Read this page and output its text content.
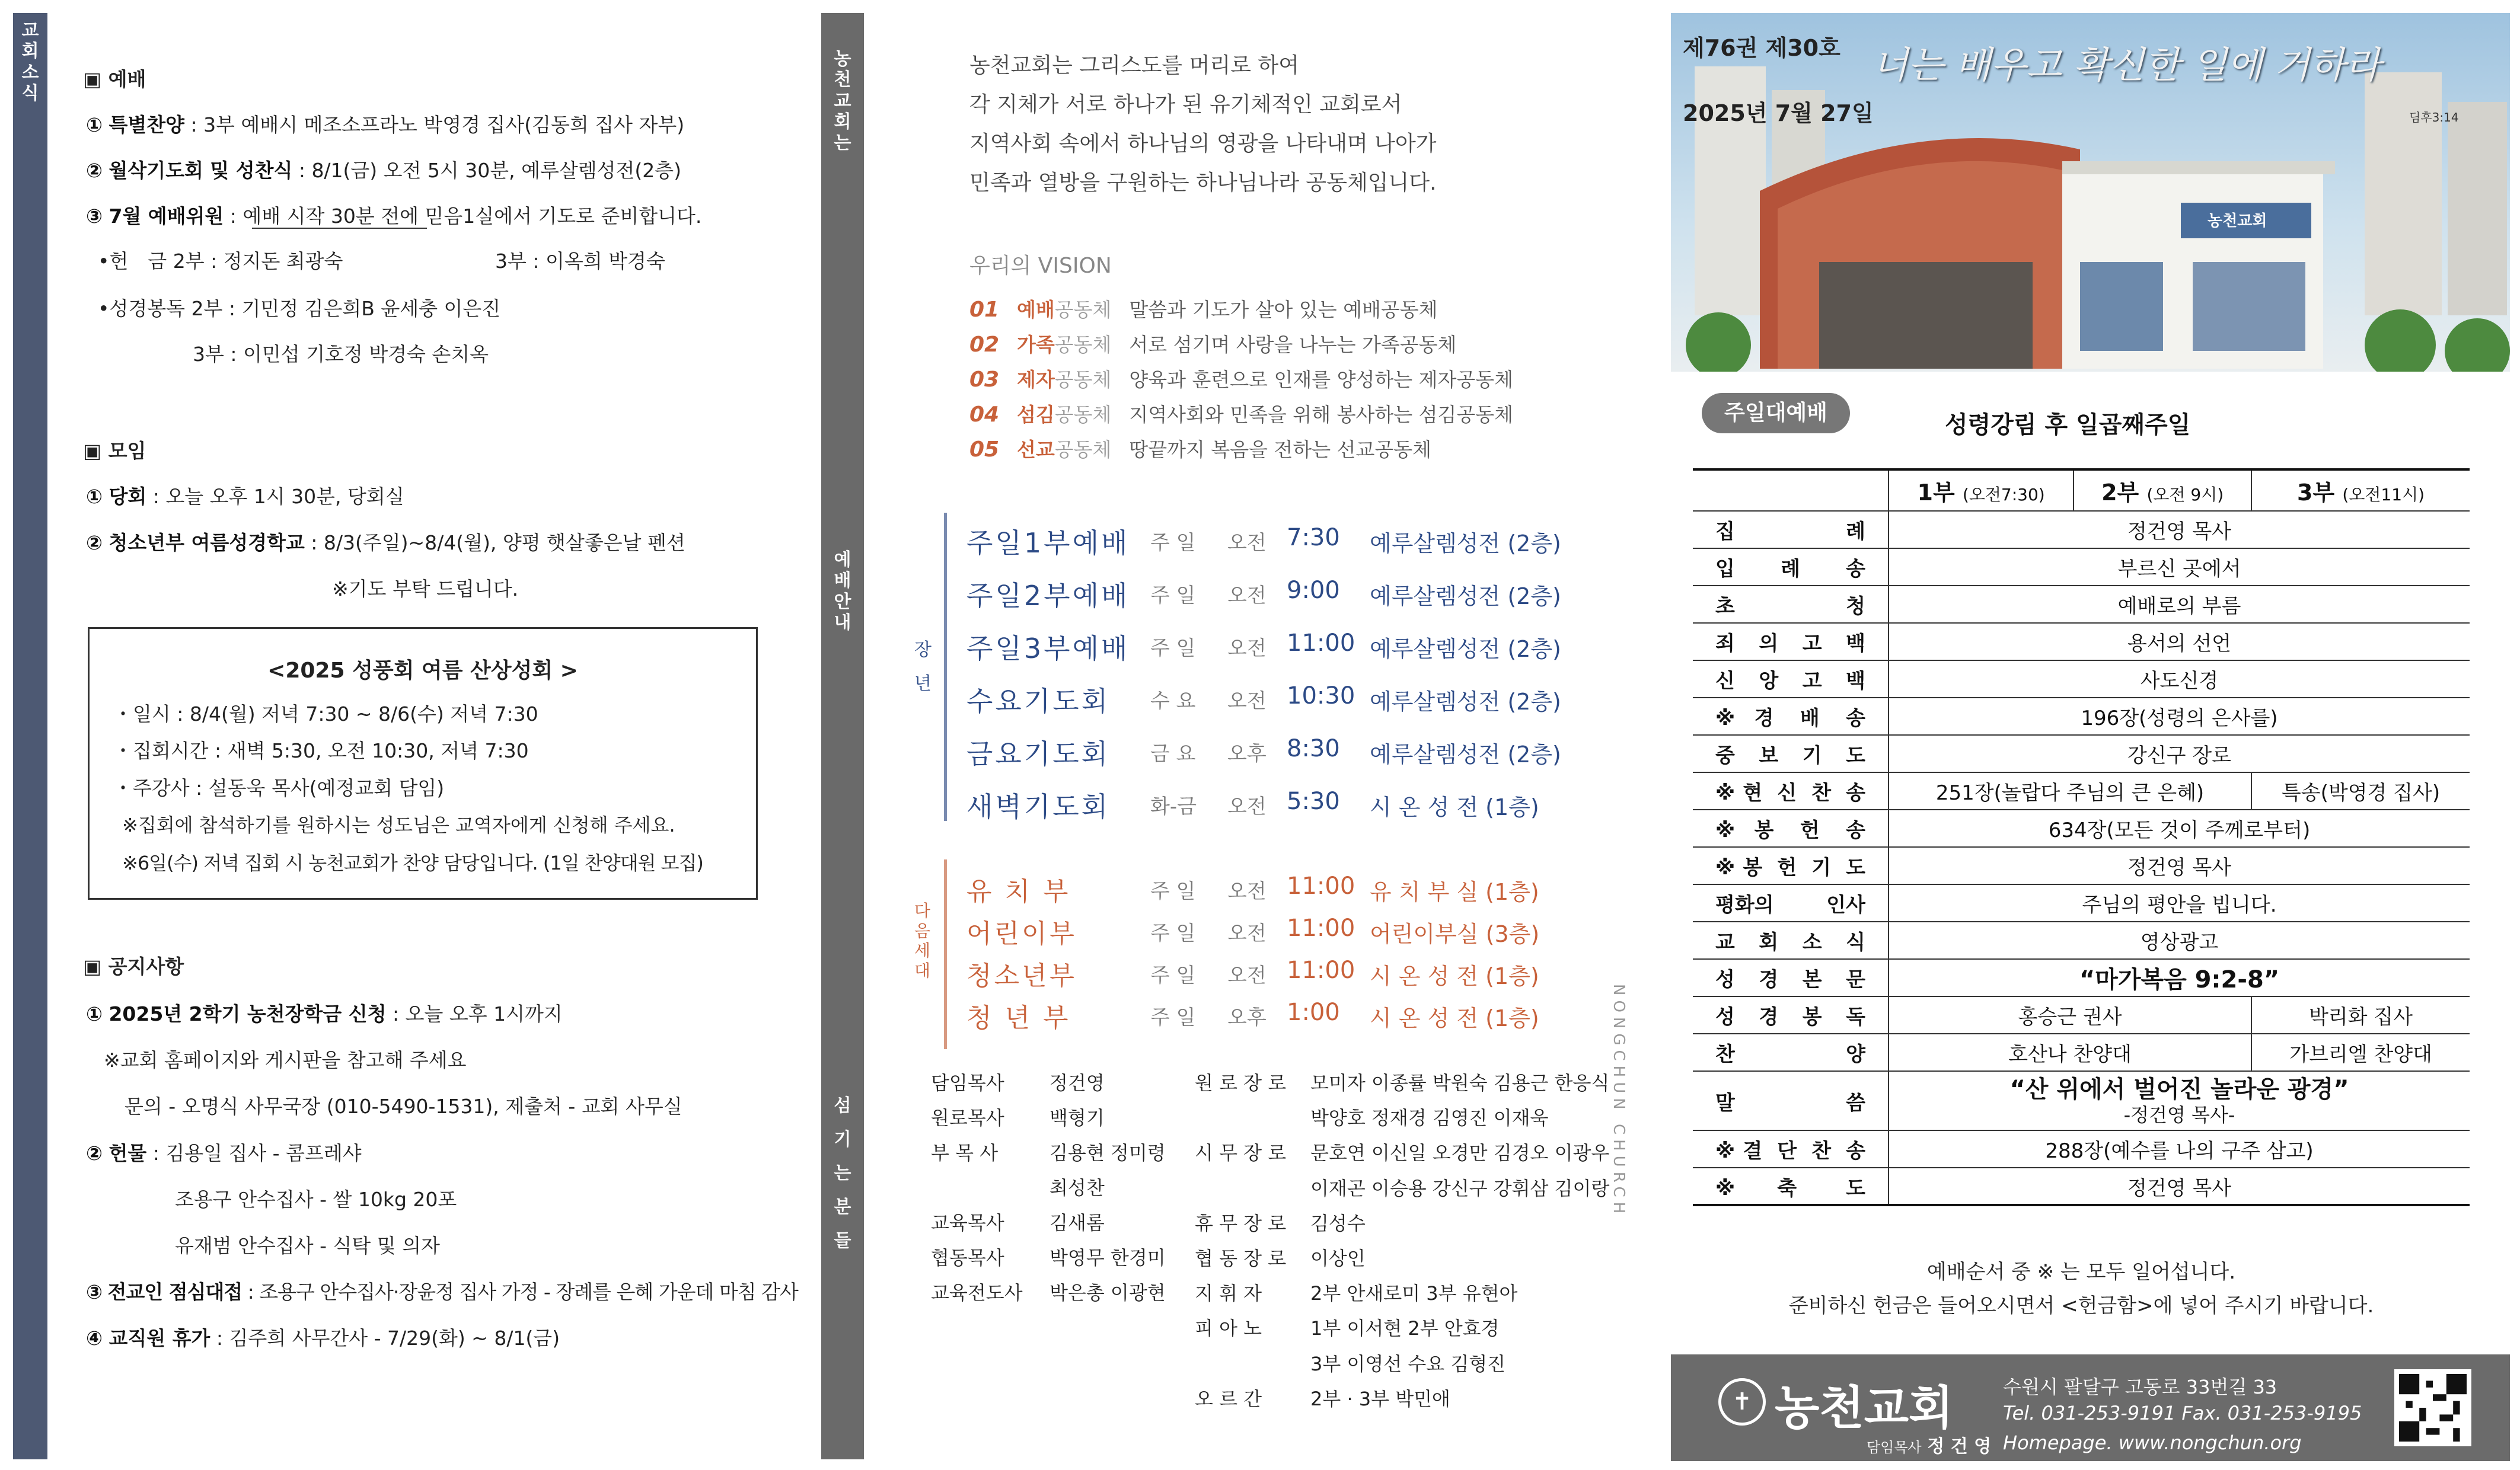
교
회
소
식
▣ 예배
① 특별찬양 : 3부 예배시 메조소프라노 박영경 집사(김동희 집사 자부)
② 월삭기도회 및 성찬식 : 8/1(금) 오전 5시 30분, 예루살렘성전(2층)
③ 7월 예배위원 : 예배 시작 30분 전에 믿음1실에서 기도로 준비합니다.
•헌　금 2부 : 정지돈 최광숙	3부 : 이옥희 박경숙
•성경봉독 2부 : 기민정 김은희B 윤세충 이은진
3부 : 이민섭 기호정 박경숙 손치옥
▣ 모임
① 당회 : 오늘 오후 1시 30분, 당회실
② 청소년부 여름성경학교 : 8/3(주일)~8/4(월), 양평 햇살좋은날 펜션
※기도 부탁 드립니다.
<2025 성풍회 여름 산상성회 >
・일시 : 8/4(월) 저녁 7:30 ~ 8/6(수) 저녁 7:30
・집회시간 : 새벽 5:30, 오전 10:30, 저녁 7:30
・주강사 : 설동욱 목사(예정교회 담임)
※집회에 참석하기를 원하시는 성도님은 교역자에게 신청해 주세요.
※6일(수) 저녁 집회 시 농천교회가 찬양 담당입니다. (1일 찬양대원 모집)
▣ 공지사항
① 2025년 2학기 농천장학금 신청 : 오늘 오후 1시까지
※교회 홈페이지와 게시판을 참고해 주세요
문의 - 오명식 사무국장 (010-5490-1531), 제출처 - 교회 사무실
② 헌물 : 김용일 집사 - 콤프레샤
조용구 안수집사 - 쌀 10kg 20포
유재범 안수집사 - 식탁 및 의자
③ 전교인 점심대접 : 조용구 안수집사·장윤정 집사 가정 - 장례를 은혜 가운데 마침 감사
④ 교직원 휴가 : 김주희 사무간사 - 7/29(화) ~ 8/1(금)
농
천
교
회
는
예
배
안
내
섬
기
는
분
들
농천교회는 그리스도를 머리로 하여
각 지체가 서로 하나가 된 유기체적인 교회로서
지역사회 속에서 하나님의 영광을 나타내며 나아가
민족과 열방을 구원하는 하나님나라 공동체입니다.
우리의 VISION
01 예배공동체 말씀과 기도가 살아 있는 예배공동체
02 가족공동체 서로 섬기며 사랑을 나누는 가족공동체
03 제자공동체 양육과 훈련으로 인재를 양성하는 제자공동체
04 섬김공동체 지역사회와 민족을 위해 봉사하는 섬김공동체
05 선교공동체 땅끝까지 복음을 전하는 선교공동체
장
년
주일1부예배 주 일 오전 7:30 예루살렘성전 (2층)
주일2부예배 주 일 오전 9:00 예루살렘성전 (2층)
주일3부예배 주 일 오전 11:00 예루살렘성전 (2층)
수요기도회 수 요 오전 10:30 예루살렘성전 (2층)
금요기도회 금 요 오후 8:30 예루살렘성전 (2층)
새벽기도회 화-금 오전 5:30 시 온 성 전 (1층)
다
음
세
대
유 치 부	주 일 오전 11:00 유 치 부 실 (1층)
어린이부	주 일 오전 11:00 어린이부실 (3층)
청소년부	주 일 오전 11:00 시 온 성 전 (1층)
청 년 부	주 일 오후 1:00 시 온 성 전 (1층)
담임목사 정건영
원로목사 백형기
부 목 사	김용현 정미령
최성찬
교육목사 김새롬
협동목사 박영무 한경미
교육전도사 박은총 이광현
원 로 장 로 모미자 이종률 박원숙 김용근 한응식
박양호 정재경 김영진 이재욱
시 무 장 로 문호연 이신일 오경만 김경오 이광우
이재곤 이승용 강신구 강휘삼 김이랑
휴 무 장 로 김성수
협 동 장 로 이상인
지 휘 자	2부 안새로미 3부 유현아
피 아 노	1부 이서현 2부 안효경
3부 이영선 수요 김형진
오 르 간	2부 · 3부 박민애
NONGCHUN CHURCH
제76권 제30호 너는 배우고 확신한 일에 거하라
2025년 7월 27일	딤후3:14
농천교회
주일대예배	성령강림 후 일곱째주일
	1부 (오전7:30)	2부 (오전 9시)	3부 (오전11시)
집 례	정건영 목사		
입 례 송	부르신 곳에서		
초 청	예배로의 부름		
죄 의 고 백	용서의 선언		
신 앙 고 백	사도신경		
※경 배 송	196장(성령의 은사를)		
중 보 기 도	강신구 장로		
※현 신 찬 송	251장(놀랍다 주님의 큰 은혜)		특송(박영경 집사)
※봉 헌 송	634장(모든 것이 주께로부터)		
※봉 헌 기 도	정건영 목사		
평화의 인사	주님의 평안을 빕니다.		
교 회 소 식	영상광고		
성 경 본 문	“마가복음 9:2-8”		
성 경 봉 독	홍승근 권사		박리화 집사
찬 양	호산나 찬양대		가브리엘 찬양대
말 씀	“산 위에서 벌어진 놀라운 광경”
-정건영 목사-		

※결 단 찬 송	288장(예수를 나의 구주 삼고)		
※축 도	정건영 목사		
예배순서 중 ※ 는 모두 일어섭니다.
준비하신 헌금은 들어오시면서 <헌금함>에 넣어 주시기 바랍니다.
✝ 농천교회
담임목사 정 건 영
수원시 팔달구 고동로 33번길 33
Tel. 031-253-9191 Fax. 031-253-9195
Homepage. www.nongchun.org
